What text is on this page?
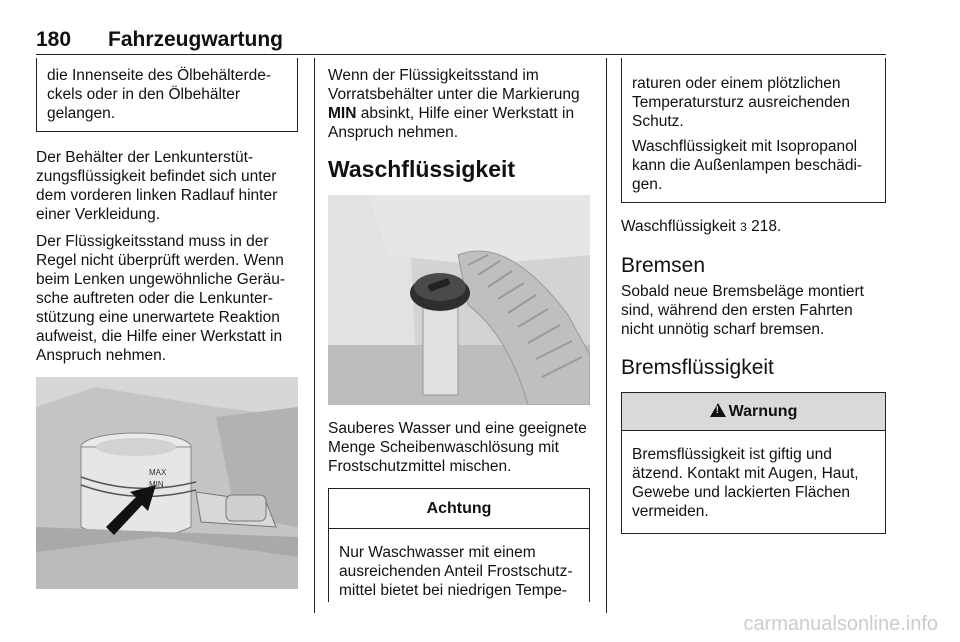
180 Fahrzeugwartung

die Innenseite des Ölbehälterde-ckels oder in den Ölbehälter gelangen.

Der Behälter der Lenkunterstüt-zungsflüssigkeit befindet sich unter dem vorderen linken Radlauf hinter einer Verkleidung.

Der Flüssigkeitsstand muss in der Regel nicht überprüft werden. Wenn beim Lenken ungewöhnliche Geräu-sche auftreten oder die Lenkunter-stützung eine unerwartete Reaktion aufweist, die Hilfe einer Werkstatt in Anspruch nehmen.

MAX
MIN

Wenn der Flüssigkeitsstand im Vorratsbehälter unter die Markierung MIN absinkt, Hilfe einer Werkstatt in Anspruch nehmen.

Waschflüssigkeit

Sauberes Wasser und eine geeignete Menge Scheibenwaschlösung mit Frostschutzmittel mischen.

Achtung

Nur Waschwasser mit einem ausreichenden Anteil Frostschutz-mittel bietet bei niedrigen Tempe-

raturen oder einem plötzlichen Temperatursturz ausreichenden Schutz.

Waschflüssigkeit mit Isopropanol kann die Außenlampen beschädi-gen.

Waschflüssigkeit 3 218.

Bremsen

Sobald neue Bremsbeläge montiert sind, während den ersten Fahrten nicht unnötig scharf bremsen.

Bremsflüssigkeit
! Warnung

Bremsflüssigkeit ist giftig und ätzend. Kontakt mit Augen, Haut, Gewebe und lackierten Flächen vermeiden.

carmanualsonline.info
